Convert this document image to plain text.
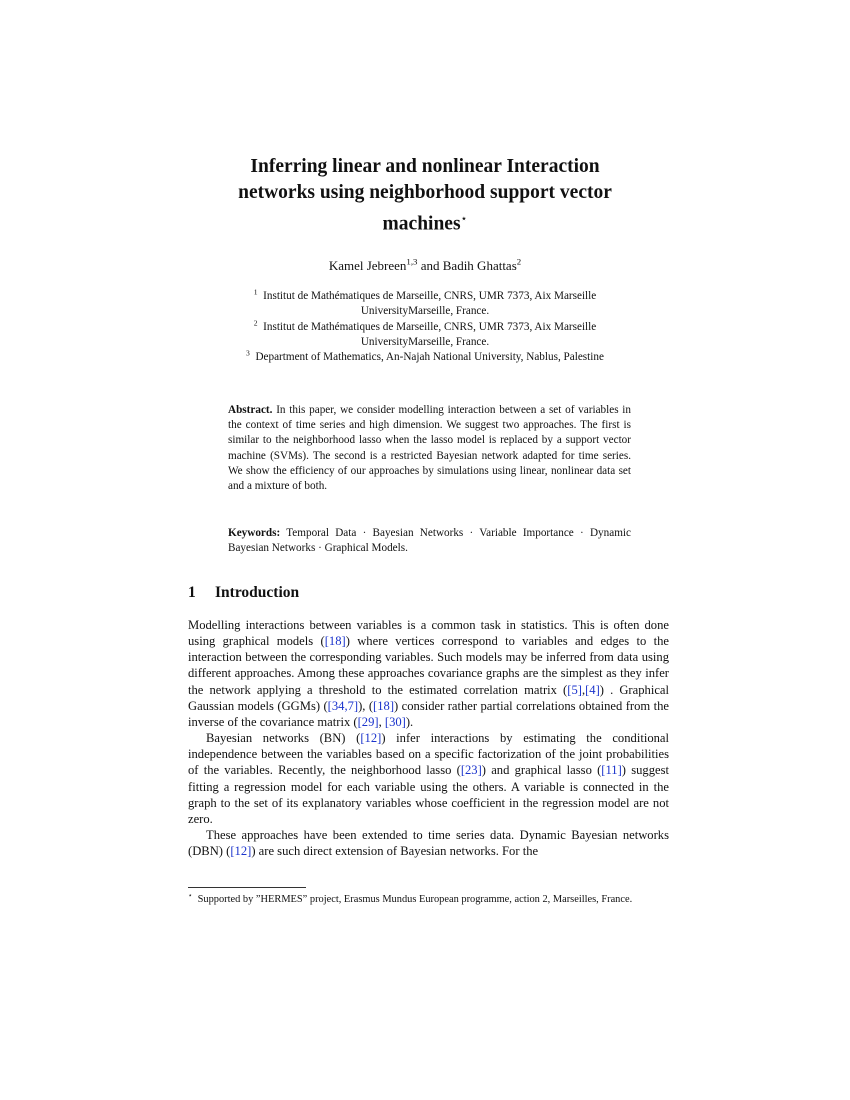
Inferring linear and nonlinear Interaction
networks using neighborhood support vector
machines⋆
Kamel Jebreen$^{1,3}$ and Badih Ghattas$^2$

$^1$ Institut de Mathématiques de Marseille, CNRS, UMR 7373, Aix Marseille
UniversityMarseille, France.

$^2$ Institut de Mathématiques de Marseille, CNRS, UMR 7373, Aix Marseille
UniversityMarseille, France.

$^3$ Department of Mathematics, An-Najah National University, Nablus, Palestine

Abstract. In this paper, we consider modelling interaction between a set of variables in the context of time series and high dimension. We suggest two approaches. The first is similar to the neighborhood lasso when the lasso model is replaced by a support vector machine (SVMs). The second is a restricted Bayesian network adapted for time series. We show the efficiency of our approaches by simulations using linear, nonlinear data set and a mixture of both.
Keywords: Temporal Data · Bayesian Networks · Variable Importance · Dynamic Bayesian Networks · Graphical Models.
1 Introduction

Modelling interactions between variables is a common task in statistics. This is often done using graphical models ([18]) where vertices correspond to variables and edges to the interaction between the corresponding variables. Such models may be inferred from data using different approaches. Among these approaches covariance graphs are the simplest as they infer the network applying a threshold to the estimated correlation matrix ([5],[4]) . Graphical Gaussian models (GGMs) ([34,7]), ([18]) consider rather partial correlations obtained from the inverse of the covariance matrix ([29], [30]).

Bayesian networks (BN) ([12]) infer interactions by estimating the conditional independence between the variables based on a specific factorization of the joint probabilities of the variables. Recently, the neighborhood lasso ([23]) and graphical lasso ([11]) suggest fitting a regression model for each variable using the others. A variable is connected in the graph to the set of its explanatory variables whose coefficient in the regression model are not zero.

These approaches have been extended to time series data. Dynamic Bayesian networks (DBN) ([12]) are such direct extension of Bayesian networks. For the

⋆ Supported by ”HERMES” project, Erasmus Mundus European programme, action 2, Marseilles, France.
